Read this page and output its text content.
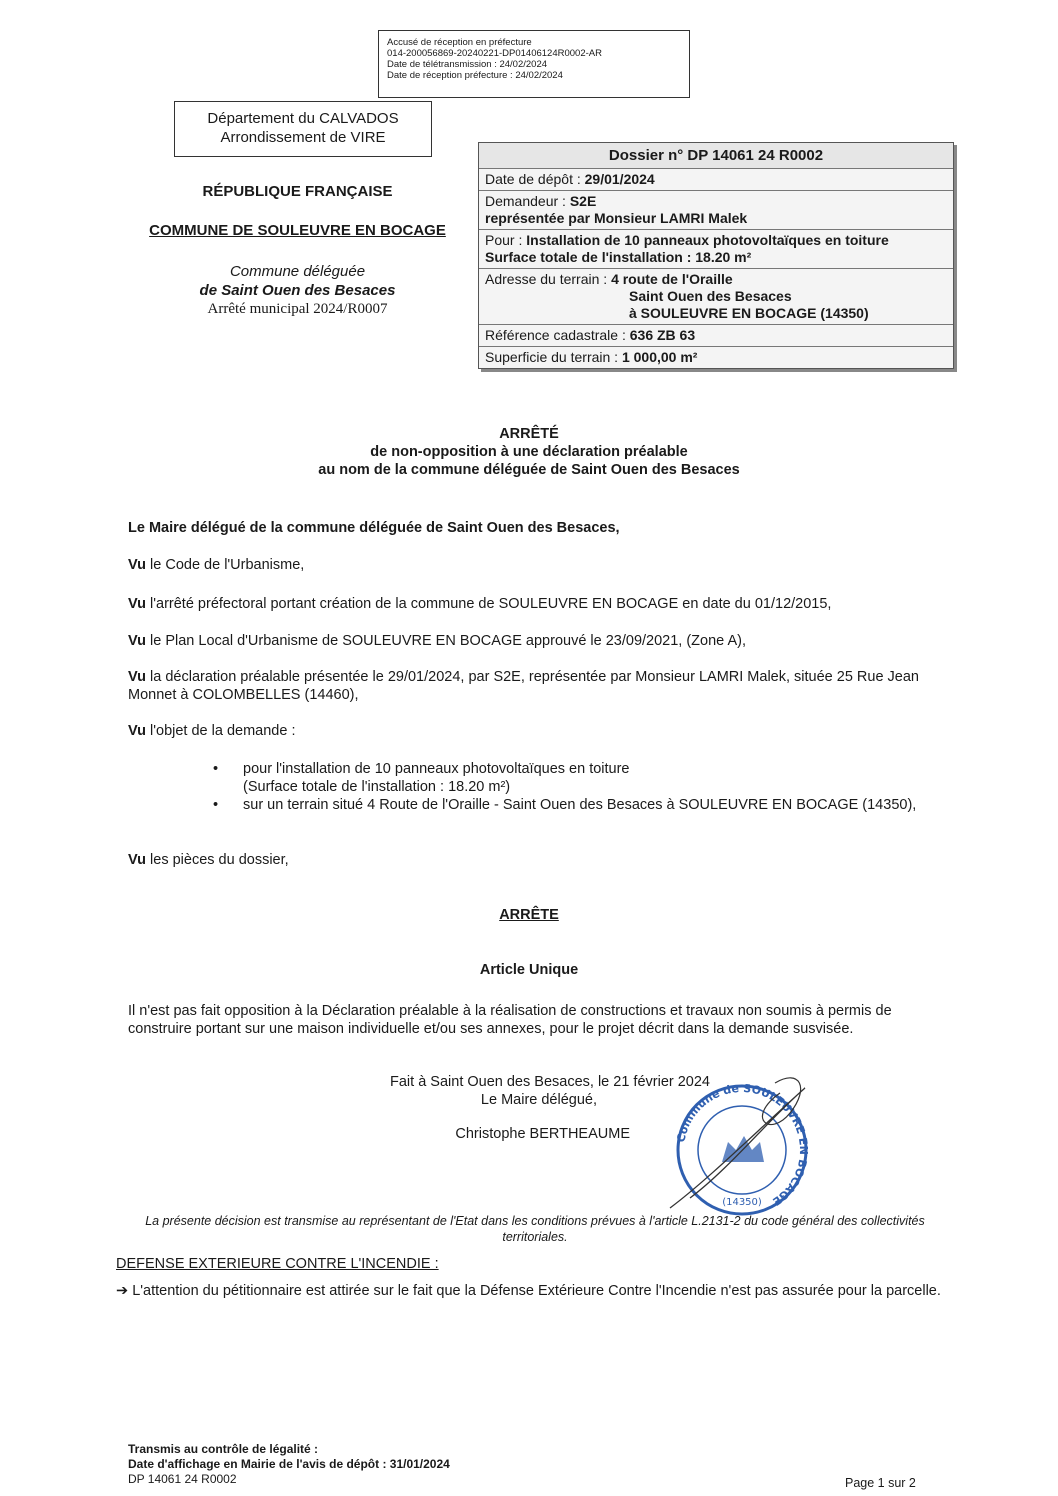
Accusé de réception en préfecture
014-200056869-20240221-DP01406124R0002-AR
Date de télétransmission : 24/02/2024
Date de réception préfecture : 24/02/2024
Département du CALVADOS
Arrondissement de VIRE
RÉPUBLIQUE FRANÇAISE
COMMUNE DE SOULEUVRE EN BOCAGE
Commune déléguée
de Saint Ouen des Besaces
Arrêté municipal 2024/R0007
Dossier n° DP 14061 24 R0002
Date de dépôt : 29/01/2024
Demandeur : S2E
représentée par Monsieur LAMRI Malek
Pour : Installation de 10 panneaux photovoltaïques en toiture
Surface totale de l'installation : 18.20 m²
Adresse du terrain : 4 route de l'Oraille
Saint Ouen des Besaces
à SOULEUVRE EN BOCAGE (14350)
Référence cadastrale : 636 ZB 63
Superficie du terrain : 1 000,00 m²
ARRÊTÉ
de non-opposition à une déclaration préalable
au nom de la commune déléguée de Saint Ouen des Besaces
Le Maire délégué de la commune déléguée de Saint Ouen des Besaces,
Vu le Code de l'Urbanisme,
Vu l'arrêté préfectoral portant création de la commune de SOULEUVRE EN BOCAGE en date du 01/12/2015,
Vu le Plan Local d'Urbanisme de SOULEUVRE EN BOCAGE approuvé le 23/09/2021, (Zone A),
Vu la déclaration préalable présentée le 29/01/2024, par S2E, représentée par Monsieur LAMRI Malek, située 25 Rue Jean Monnet à COLOMBELLES (14460),
Vu l'objet de la demande :
• pour l'installation de 10 panneaux photovoltaïques en toiture
(Surface totale de l'installation : 18.20 m²)
• sur un terrain situé 4 Route de l'Oraille - Saint Ouen des Besaces à SOULEUVRE EN BOCAGE (14350),
Vu les pièces du dossier,
ARRÊTE
Article Unique
Il n'est pas fait opposition à la Déclaration préalable à la réalisation de constructions et travaux non soumis à permis de construire portant sur une maison individuelle et/ou ses annexes, pour le projet décrit dans la demande susvisée.
Fait à Saint Ouen des Besaces, le 21 février 2024
Le Maire délégué,
Christophe BERTHEAUME	Commune de SOULEUVRE EN BOCAGE
(14350)
La présente décision est transmise au représentant de l'Etat dans les conditions prévues à l'article L.2131-2 du code général des collectivités territoriales.
DEFENSE EXTERIEURE CONTRE L'INCENDIE :
➔ L'attention du pétitionnaire est attirée sur le fait que la Défense Extérieure Contre l'Incendie n'est pas assurée pour la parcelle.
Transmis au contrôle de légalité :
Date d'affichage en Mairie de l'avis de dépôt : 31/01/2024
DP 14061 24 R0002	Page 1 sur 2
